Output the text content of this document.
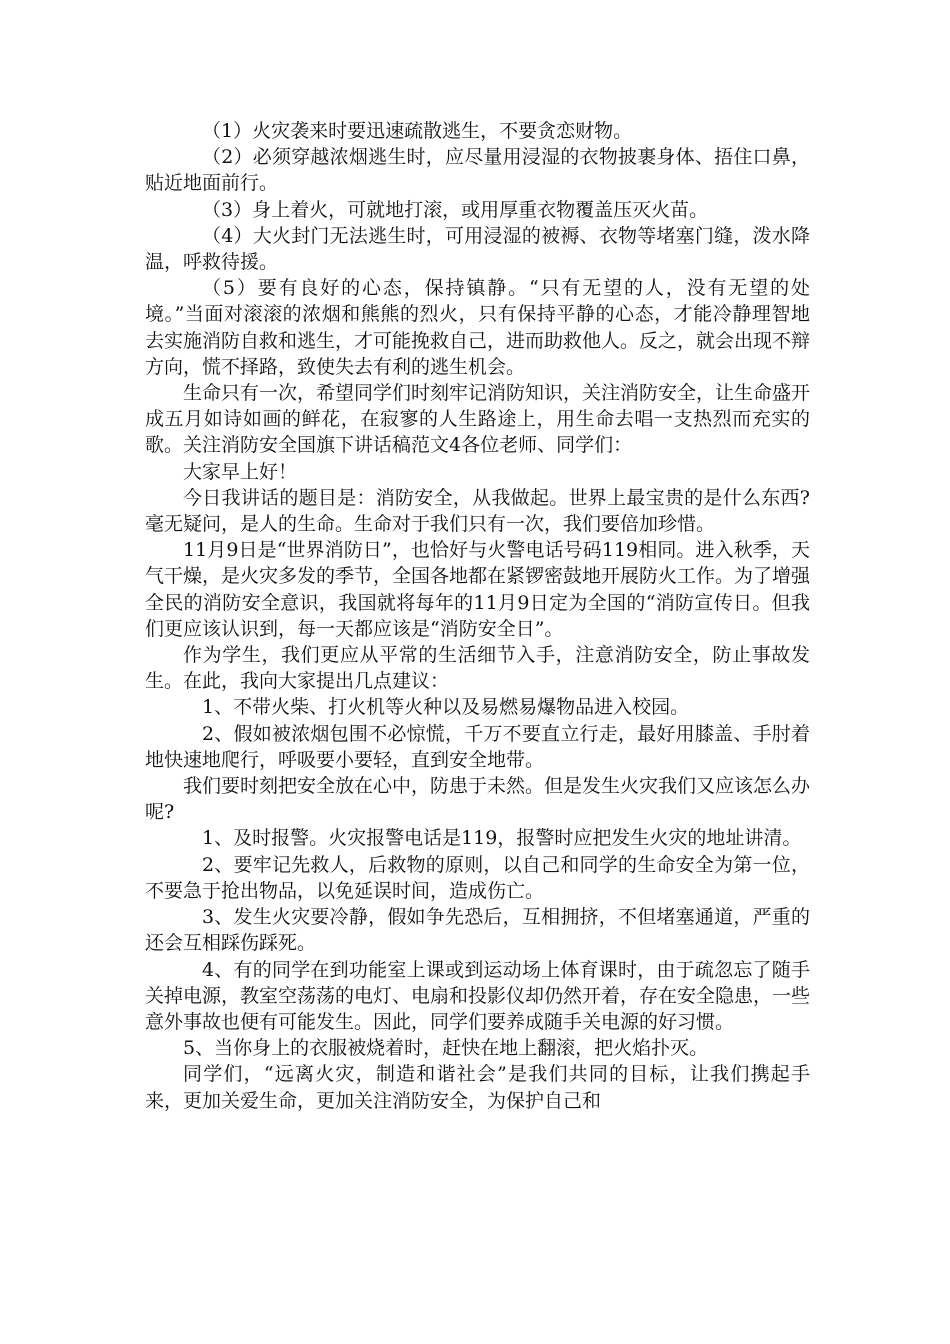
（1）火灾袭来时要迅速疏散逃生，不要贪恋财物。

（2）必须穿越浓烟逃生时，应尽量用浸湿的衣物披裹身体、捂住口鼻，贴近地面前行。

（3）身上着火，可就地打滚，或用厚重衣物覆盖压灭火苗。

（4）大火封门无法逃生时，可用浸湿的被褥、衣物等堵塞门缝，泼水降温，呼救待援。

（5）要有良好的心态，保持镇静。“只有无望的人，没有无望的处境。”当面对滚滚的浓烟和熊熊的烈火，只有保持平静的心态，才能冷静理智地去实施消防自救和逃生，才可能挽救自己，进而助救他人。反之，就会出现不辩方向，慌不择路，致使失去有利的逃生机会。

生命只有一次，希望同学们时刻牢记消防知识，关注消防安全，让生命盛开成五月如诗如画的鲜花，在寂寥的人生路途上，用生命去唱一支热烈而充实的歌。关注消防安全国旗下讲话稿范文4各位老师、同学们：

大家早上好！

今日我讲话的题目是：消防安全，从我做起。世界上最宝贵的是什么东西?毫无疑问，是人的生命。生命对于我们只有一次，我们要倍加珍惜。

11月9日是“世界消防日”，也恰好与火警电话号码119相同。进入秋季，天气干燥，是火灾多发的季节，全国各地都在紧锣密鼓地开展防火工作。为了增强全民的消防安全意识，我国就将每年的11月9日定为全国的“消防宣传日。但我们更应该认识到，每一天都应该是“消防安全日”。

作为学生，我们更应从平常的生活细节入手，注意消防安全，防止事故发生。在此，我向大家提出几点建议：

1、不带火柴、打火机等火种以及易燃易爆物品进入校园。

2、假如被浓烟包围不必惊慌，千万不要直立行走，最好用膝盖、手肘着地快速地爬行，呼吸要小要轻，直到安全地带。

我们要时刻把安全放在心中，防患于未然。但是发生火灾我们又应该怎么办呢?

1、及时报警。火灾报警电话是119，报警时应把发生火灾的地址讲清。

2、要牢记先救人，后救物的原则，以自己和同学的生命安全为第一位，不要急于抢出物品，以免延误时间，造成伤亡。

3、发生火灾要冷静，假如争先恐后，互相拥挤，不但堵塞通道，严重的还会互相踩伤踩死。

4、有的同学在到功能室上课或到运动场上体育课时，由于疏忽忘了随手关掉电源，教室空荡荡的电灯、电扇和投影仪却仍然开着，存在安全隐患，一些意外事故也便有可能发生。因此，同学们要养成随手关电源的好习惯。

5、当你身上的衣服被烧着时，赶快在地上翻滚，把火焰扑灭。

同学们，“远离火灾，制造和谐社会”是我们共同的目标，让我们携起手来，更加关爱生命，更加关注消防安全，为保护自己和
